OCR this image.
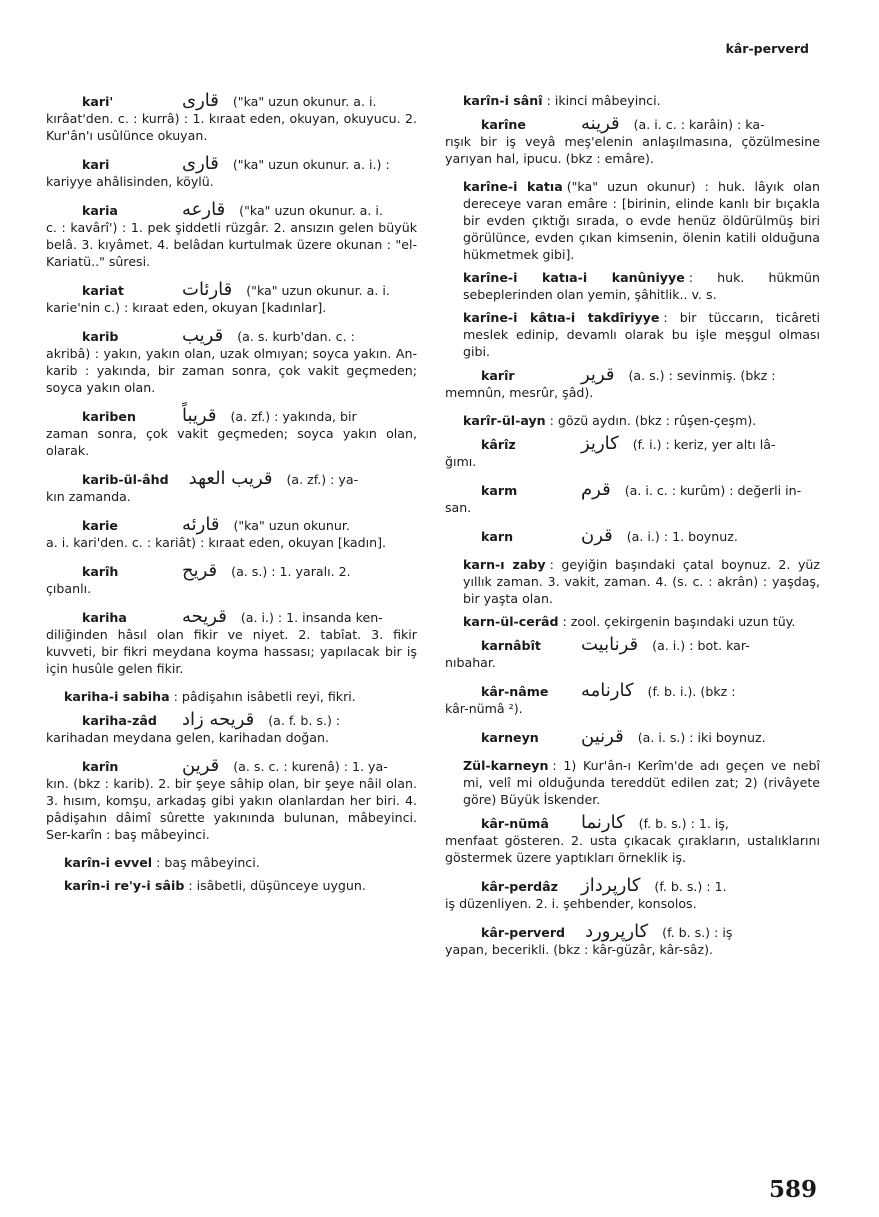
kâr-perverd
kari'	قارى ("ka" uzun okunur. a. i.
kırâat'den. c. : kurrâ) : 1. kıraat eden, okuyan, okuyucu. 2. Kur'ân'ı usûlünce okuyan.
kari	قارى ("ka" uzun okunur. a. i.) :
kariyye ahâlisinden, köylü.
karia	قارعه ("ka" uzun okunur. a. i.
c. : kavârî') : 1. pek şiddetli rüzgâr. 2. ansızın gelen büyük belâ. 3. kıyâmet. 4. belâdan kurtulmak üzere okunan : "el-Kariatü.." sûresi.
kariat	قارئات ("ka" uzun okunur. a. i.
karie'nin c.) : kıraat eden, okuyan [kadınlar].
karib	قريب (a. s. kurb'dan. c. :
akribâ) : yakın, yakın olan, uzak olmıyan; soyca yakın. An-karib : yakında, bir zaman sonra, çok vakit geçmeden; soyca yakın olan.
kariben	قريباً (a. zf.) : yakında, bir
zaman sonra, çok vakit geçmeden; soyca yakın olan, olarak.
karib-ül-âhd قريب العهد (a. zf.) : ya-
kın zamanda.
karie	قارئه ("ka" uzun okunur.
a. i. kari'den. c. : kariât) : kıraat eden, okuyan [kadın].
karîh	قريح (a. s.) : 1. yaralı. 2.
çıbanlı.
kariha	قريحه (a. i.) : 1. insanda ken-
diliğinden hâsıl olan fikir ve niyet. 2. tabîat. 3. fikir kuvveti, bir fikri meydana koyma hassası; yapılacak bir iş için husûle gelen fikir.
kariha-i sabiha : pâdişahın isâbetli reyi, fikri.
kariha-zâd قريحه زاد (a. f. b. s.) :
karihadan meydana gelen, karihadan doğan.
karîn	قرين (a. s. c. : kurenâ) : 1. ya-
kın. (bkz : karib). 2. bir şeye sâhip olan, bir şeye nâil olan. 3. hısım, komşu, arkadaş gibi yakın olanlardan her biri. 4. pâdişahın dâimî sûrette yakınında bulunan, mâbeyinci. Ser-karîn : baş mâbeyinci.
karîn-i evvel : baş mâbeyinci.
karîn-i re'y-i sâib : isâbetli, düşünceye uygun.
karîn-i sânî : ikinci mâbeyinci.
karîne	قرينه (a. i. c. : karâin) : ka-
rışık bir iş veyâ meş'elenin anlaşılmasına, çözülmesine yarıyan hal, ipucu. (bkz : emâre).
karîne-i katıa ("ka" uzun okunur) : huk. lâyık olan dereceye varan emâre : [birinin, elinde kanlı bir bıçakla bir evden çıktığı sırada, o evde henüz öldürülmüş biri görülünce, evden çıkan kimsenin, ölenin katili olduğuna hükmetmek gibi].
karîne-i katıa-i kanûniyye : huk. hükmün sebeplerinden olan yemin, şâhitlik.. v. s.
karîne-i kâtıa-i takdîriyye : bir tüccarın, ticâreti meslek edinip, devamlı olarak bu işle meşgul olması gibi.
karîr	قرير (a. s.) : sevinmiş. (bkz :
memnûn, mesrûr, şâd).
karîr-ül-ayn : gözü aydın. (bkz : rûşen-çeşm).
kârîz	كاريز (f. i.) : keriz, yer altı lâ-
ğımı.
karm	قرم (a. i. c. : kurûm) : değerli in-
san.
karn	قرن (a. i.) : 1. boynuz.
karn-ı zaby : geyiğin başındaki çatal boynuz. 2. yüz yıllık zaman. 3. vakit, zaman. 4. (s. c. : akrân) : yaşdaş, bir yaşta olan.
karn-ül-cerâd : zool. çekirgenin başındaki uzun tüy.
karnâbît	قرنابيت (a. i.) : bot. kar-
nıbahar.
kâr-nâme	كارنامه (f. b. i.). (bkz :
kâr-nümâ ²).
karneyn	قرنين (a. i. s.) : iki boynuz.
Zül-karneyn : 1) Kur'ân-ı Kerîm'de adı geçen ve nebî mi, velî mi olduğunda tereddüt edilen zat; 2) (rivâyete göre) Büyük İskender.
kâr-nümâ	كارنما (f. b. s.) : 1. iş,
menfaat gösteren. 2. usta çıkacak çırakların, ustalıklarını göstermek üzere yaptıkları örneklik iş.
kâr-perdâz كارپرداز (f. b. s.) : 1.
iş düzenliyen. 2. i. şehbender, konsolos.
kâr-perverd كارپرورد (f. b. s.) : iş
yapan, becerikli. (bkz : kâr-güzâr, kâr-sâz).
589
